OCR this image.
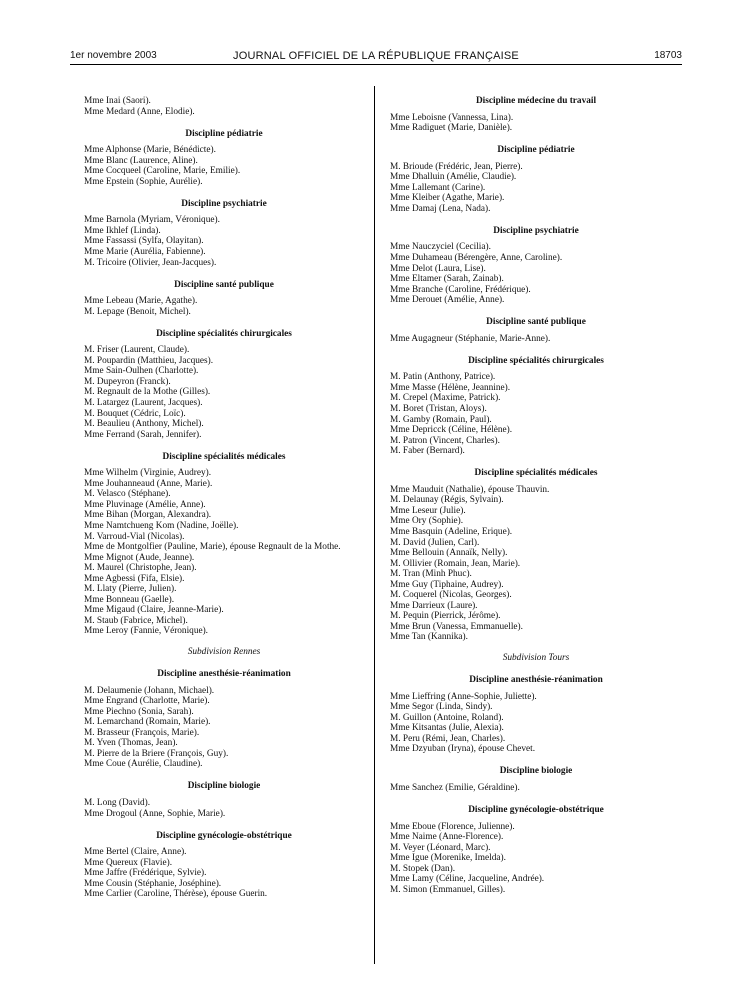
1er novembre 2003	JOURNAL OFFICIEL DE LA RÉPUBLIQUE FRANÇAISE	18703
Mme Inai (Saori).
Mme Medard (Anne, Elodie).
Discipline pédiatrie
Mme Alphonse (Marie, Bénédicte).
Mme Blanc (Laurence, Aline).
Mme Cocqueel (Caroline, Marie, Emilie).
Mme Epstein (Sophie, Aurélie).
Discipline psychiatrie
Mme Barnola (Myriam, Véronique).
Mme Ikhlef (Linda).
Mme Fassassi (Sylfa, Olayitan).
Mme Marie (Aurélia, Fabienne).
M. Tricoire (Olivier, Jean-Jacques).
Discipline santé publique
Mme Lebeau (Marie, Agathe).
M. Lepage (Benoit, Michel).
Discipline spécialités chirurgicales
M. Friser (Laurent, Claude).
M. Poupardin (Matthieu, Jacques).
Mme Sain-Oulhen (Charlotte).
M. Dupeyron (Franck).
M. Regnault de la Mothe (Gilles).
M. Latargez (Laurent, Jacques).
M. Bouquet (Cédric, Loïc).
M. Beaulieu (Anthony, Michel).
Mme Ferrand (Sarah, Jennifer).
Discipline spécialités médicales
Mme Wilhelm (Virginie, Audrey).
Mme Jouhanneaud (Anne, Marie).
M. Velasco (Stéphane).
Mme Pluvinage (Amélie, Anne).
Mme Bihan (Morgan, Alexandra).
Mme Namtchueng Kom (Nadine, Joëlle).
M. Varroud-Vial (Nicolas).
Mme de Montgolfier (Pauline, Marie), épouse Regnault de la Mothe.
Mme Mignot (Aude, Jeanne).
M. Maurel (Christophe, Jean).
Mme Agbessi (Fifa, Elsie).
M. Llaty (Pierre, Julien).
Mme Bonneau (Gaelle).
Mme Migaud (Claire, Jeanne-Marie).
M. Staub (Fabrice, Michel).
Mme Leroy (Fannie, Véronique).
Subdivision Rennes
Discipline anesthésie-réanimation
M. Delaumenie (Johann, Michael).
Mme Engrand (Charlotte, Marie).
Mme Piechno (Sonia, Sarah).
M. Lemarchand (Romain, Marie).
M. Brasseur (François, Marie).
M. Yven (Thomas, Jean).
M. Pierre de la Briere (François, Guy).
Mme Coue (Aurélie, Claudine).
Discipline biologie
M. Long (David).
Mme Drogoul (Anne, Sophie, Marie).
Discipline gynécologie-obstétrique
Mme Bertel (Claire, Anne).
Mme Quereux (Flavie).
Mme Jaffre (Frédérique, Sylvie).
Mme Cousin (Stéphanie, Joséphine).
Mme Carlier (Caroline, Thérèse), épouse Guerin.
Discipline médecine du travail
Mme Leboisne (Vannessa, Lina).
Mme Radiguet (Marie, Danièle).
Discipline pédiatrie
M. Brioude (Frédéric, Jean, Pierre).
Mme Dhalluin (Amélie, Claudie).
Mme Lallemant (Carine).
Mme Kleiber (Agathe, Marie).
Mme Damaj (Lena, Nada).
Discipline psychiatrie
Mme Nauczyciel (Cecilia).
Mme Duhameau (Bérengère, Anne, Caroline).
Mme Delot (Laura, Lise).
Mme Eltamer (Sarah, Zainab).
Mme Branche (Caroline, Frédérique).
Mme Derouet (Amélie, Anne).
Discipline santé publique
Mme Augagneur (Stéphanie, Marie-Anne).
Discipline spécialités chirurgicales
M. Patin (Anthony, Patrice).
Mme Masse (Hélène, Jeannine).
M. Crepel (Maxime, Patrick).
M. Boret (Tristan, Aloys).
M. Gamby (Romain, Paul).
Mme Depricck (Céline, Hélène).
M. Patron (Vincent, Charles).
M. Faber (Bernard).
Discipline spécialités médicales
Mme Mauduit (Nathalie), épouse Thauvin.
M. Delaunay (Régis, Sylvain).
Mme Leseur (Julie).
Mme Ory (Sophie).
Mme Basquin (Adeline, Erique).
M. David (Julien, Carl).
Mme Bellouin (Annaïk, Nelly).
M. Ollivier (Romain, Jean, Marie).
M. Tran (Minh Phuc).
Mme Guy (Tiphaine, Audrey).
M. Coquerel (Nicolas, Georges).
Mme Darrieux (Laure).
M. Pequin (Pierrick, Jérôme).
Mme Brun (Vanessa, Emmanuelle).
Mme Tan (Kannika).
Subdivision Tours
Discipline anesthésie-réanimation
Mme Lieffring (Anne-Sophie, Juliette).
Mme Segor (Linda, Sindy).
M. Guillon (Antoine, Roland).
Mme Kitsantas (Julie, Alexia).
M. Peru (Rémi, Jean, Charles).
Mme Dzyuban (Iryna), épouse Chevet.
Discipline biologie
Mme Sanchez (Emilie, Géraldine).
Discipline gynécologie-obstétrique
Mme Eboue (Florence, Julienne).
Mme Naime (Anne-Florence).
M. Veyer (Léonard, Marc).
Mme Igue (Morenike, Imelda).
M. Stopek (Dan).
Mme Lamy (Céline, Jacqueline, Andrée).
M. Simon (Emmanuel, Gilles).
